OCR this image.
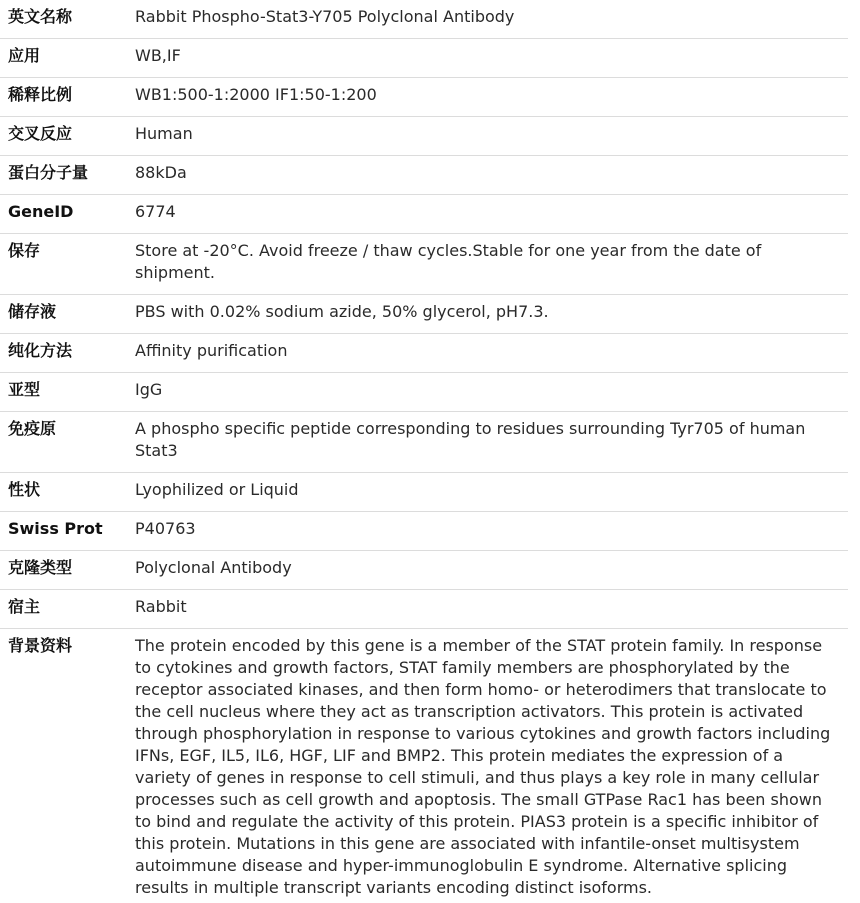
英文名称	Rabbit Phospho-Stat3-Y705 Polyclonal Antibody
应用	WB,IF
稀释比例	WB1:500-1:2000 IF1:50-1:200
交叉反应	Human
蛋白分子量	88kDa
GeneID	6774
保存	Store at -20°C. Avoid freeze / thaw cycles.Stable for one year from the date of shipment.
储存液	PBS with 0.02% sodium azide, 50% glycerol, pH7.3.
纯化方法	Affinity purification
亚型	IgG
免疫原	A phospho specific peptide corresponding to residues surrounding Tyr705 of human Stat3
性状	Lyophilized or Liquid
Swiss Prot	P40763
克隆类型	Polyclonal Antibody
宿主	Rabbit
背景资料	The protein encoded by this gene is a member of the STAT protein family. In response to cytokines and growth factors, STAT family members are phosphorylated by the receptor associated kinases, and then form homo- or heterodimers that translocate to the cell nucleus where they act as transcription activators. This protein is activated through phosphorylation in response to various cytokines and growth factors including IFNs, EGF, IL5, IL6, HGF, LIF and BMP2. This protein mediates the expression of a variety of genes in response to cell stimuli, and thus plays a key role in many cellular processes such as cell growth and apoptosis. The small GTPase Rac1 has been shown to bind and regulate the activity of this protein. PIAS3 protein is a specific inhibitor of this protein. Mutations in this gene are associated with infantile-onset multisystem autoimmune disease and hyper-immunoglobulin E syndrome. Alternative splicing results in multiple transcript variants encoding distinct isoforms.
